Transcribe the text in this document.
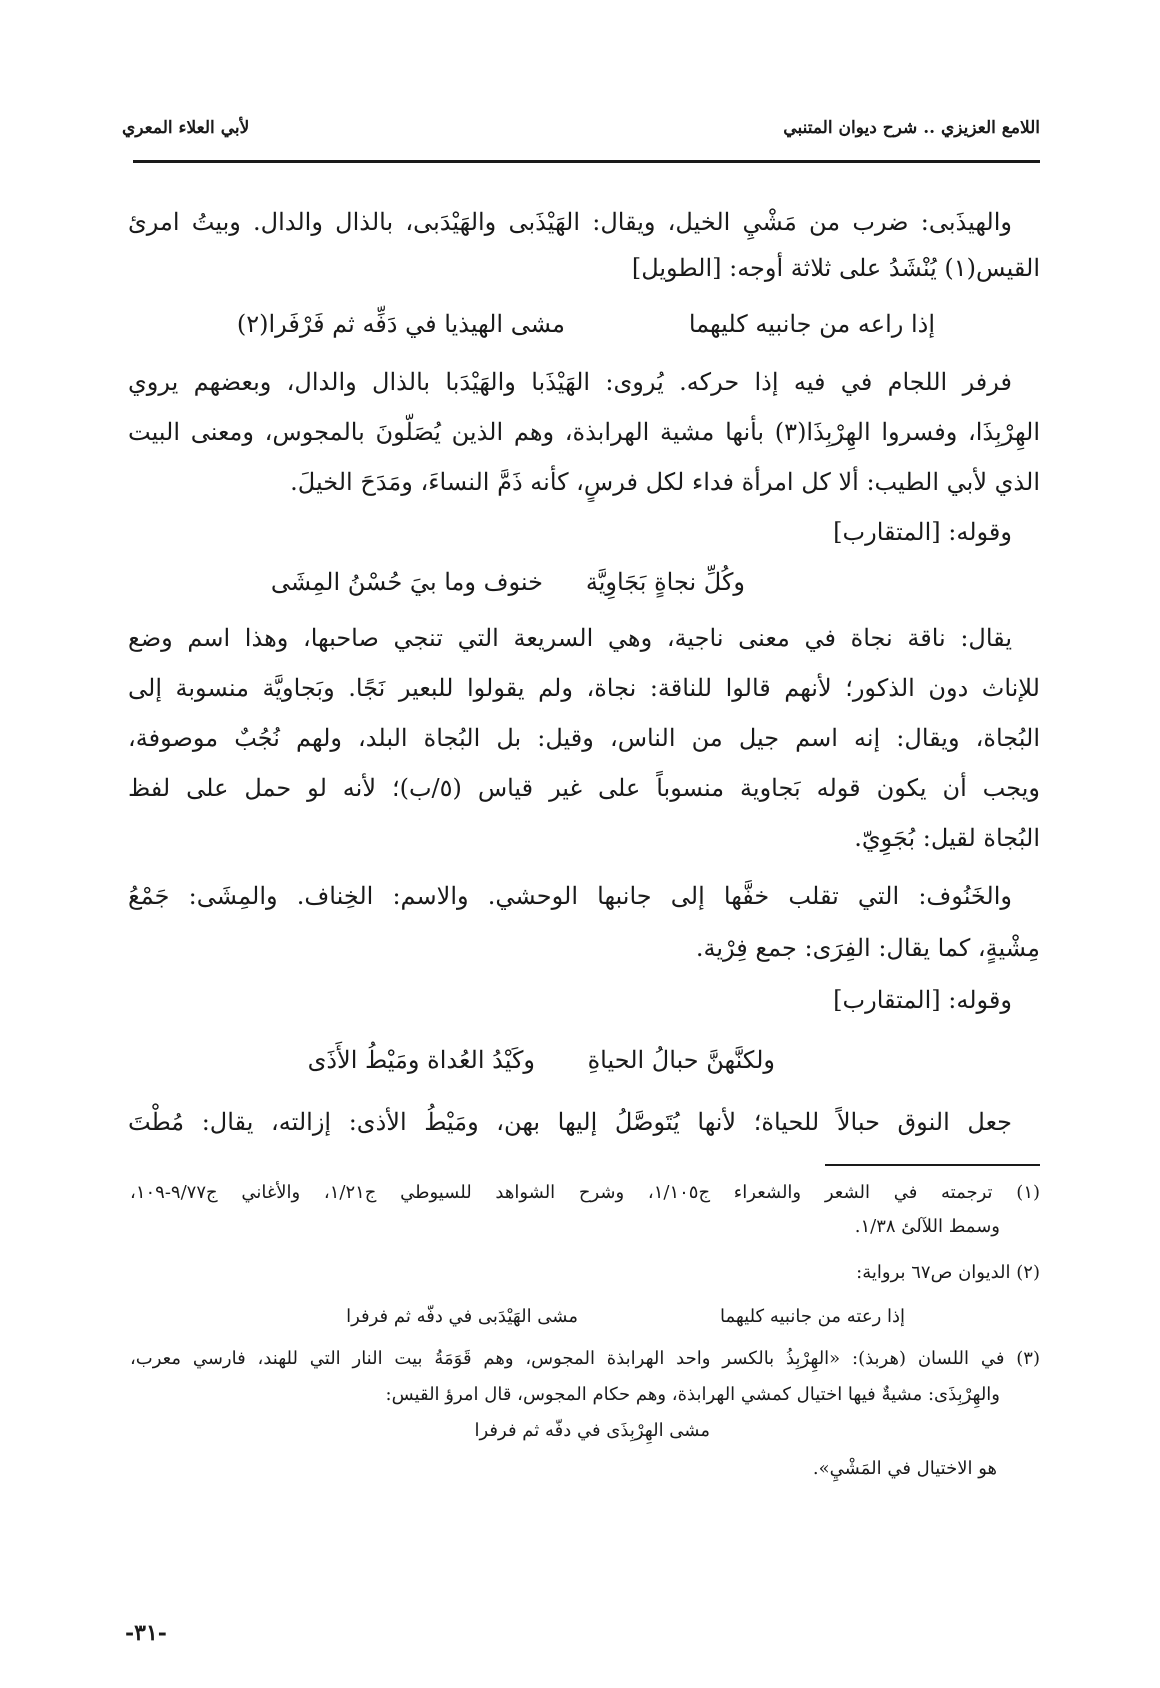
اللامع العزيزي .. شرح ديوان المتنبي
لأبي العلاء المعري
والهيذَبى: ضرب من مَشْيِ الخيل، ويقال: الهَيْذَبى والهَيْدَبى، بالذال والدال. وبيتُ امرئ
القيس(١) يُنْشَدُ على ثلاثة أوجه: [الطويل]
إذا راعه من جانبيه كليهما
مشى الهيذيا في دَفِّه ثم فَرْفَرا(٢)
فرفر اللجام في فيه إذا حركه. يُروى: الهَيْذَبا والهَيْدَبا بالذال والدال، وبعضهم يروي
الهِرْبِذَا، وفسروا الهِرْبِذَا(٣) بأنها مشية الهرابذة، وهم الذين يُصَلّونَ بالمجوس، ومعنى البيت
الذي لأبي الطيب: ألا كل امرأة فداء لكل فرسٍ، كأنه ذَمَّ النساءَ، ومَدَحَ الخيلَ.
وقوله: [المتقارب]
وكُلِّ نجاةٍ بَجَاوِيَّة
خنوف وما بيَ حُسْنُ المِشَى
يقال: ناقة نجاة في معنى ناجية، وهي السريعة التي تنجي صاحبها، وهذا اسم وضع
للإناث دون الذكور؛ لأنهم قالوا للناقة: نجاة، ولم يقولوا للبعير نَجًا. وبَجاويَّة منسوبة إلى
البُجاة، ويقال: إنه اسم جيل من الناس، وقيل: بل البُجاة البلد، ولهم نُجُبٌ موصوفة،
ويجب أن يكون قوله بَجاوية منسوباً على غير قياس (٥/ب)؛ لأنه لو حمل على لفظ
البُجاة لقيل: بُجَوِيّ.
والخَنُوف: التي تقلب خفَّها إلى جانبها الوحشي. والاسم: الخِناف. والمِشَى: جَمْعُ
مِشْيةٍ، كما يقال: الفِرَى: جمع فِرْية.
وقوله: [المتقارب]
ولكنَّهنَّ حبالُ الحياةِ
وكَيْدُ العُداة ومَيْطُ الأَذَى
جعل النوق حبالاً للحياة؛ لأنها يُتَوصَّلُ إليها بهن، ومَيْطُ الأذى: إزالته، يقال: مُطْتَ
(١) ترجمته في الشعر والشعراء ج١/١٠٥، وشرح الشواهد للسيوطي ج١/٢١، والأغاني ج٩/٧٧-١٠٩،
وسمط اللآلئ ١/٣٨.
(٢) الديوان ص٦٧ برواية:
إذا رعته من جانبيه كليهما
مشى الهَيْدَبى في دفّه ثم فرفرا
(٣) في اللسان (هربذ): «الهِرْبِذُ بالكسر واحد الهرابذة المجوس، وهم قَوَمَةُ بيت النار التي للهند، فارسي معرب،
والهِرْبِذَى: مشيةٌ فيها اختيال كمشي الهرابذة، وهم حكام المجوس، قال امرؤ القيس:
مشى الهِرْبِذَى في دفّه ثم فرفرا
هو الاختيال في المَشْيِ».
-٣١-
